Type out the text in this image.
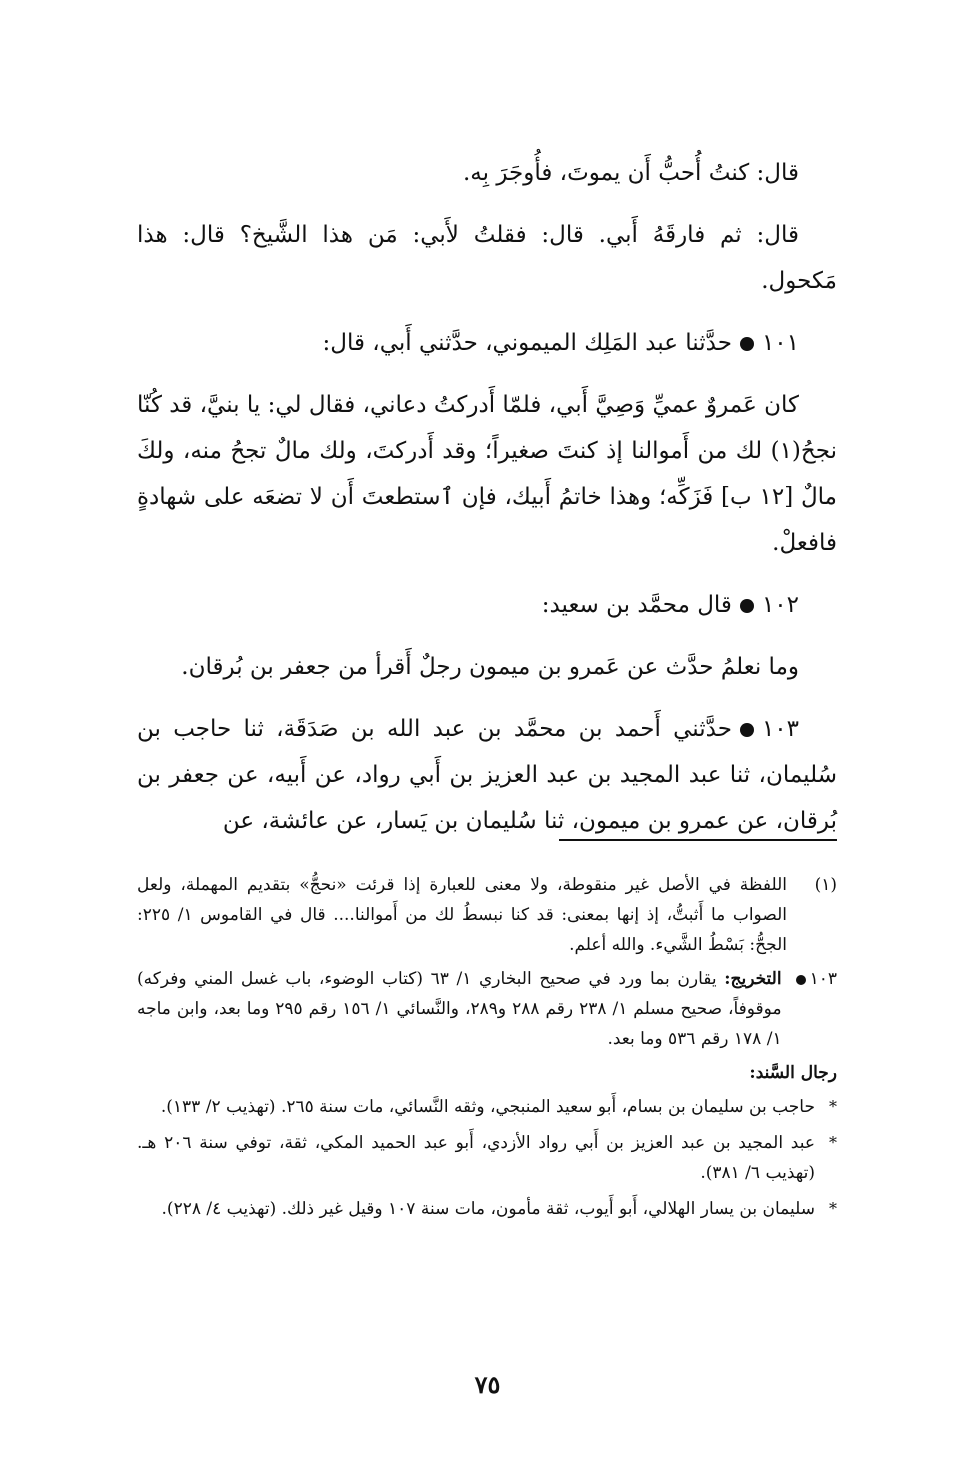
قال: كنتُ أُحبُّ أَن يموتَ، فأُوجَرَ بِه.

قال: ثم فارقَهُ أَبي. قال: فقلتُ لأَبي: مَن هذا الشَّيخ؟ قال: هذا مَكحول.

١٠١حدَّثنا عبد المَلِك الميموني، حدَّثني أَبي، قال:

كان عَمروٌ عميِّ وَصِيَّ أَبي، فلمّا أَدركتُ دعاني، فقال لي: يا بنيَّ، قد كُنّا نجحُ(١) لك من أَموالنا إذ كنتَ صغيراً؛ وقد أَدركتَ، ولك مالٌ تجحُ منه، ولكَ مالٌ [١٢ ب] فَزَكِّه؛ وهذا خاتمُ أَبيك، فإن ٱستطعتَ أَن لا تضعَه على شهادةٍ فافعلْ.

١٠٢قال محمَّد بن سعيد:

وما نعلمُ حدَّث عن عَمرو بن ميمون رجلٌ أَقرأ من جعفر بن بُرقان.

١٠٣حدَّثني أَحمد بن محمَّد بن عبد الله بن صَدَقَة، ثنا حاجب بن سُليمان، ثنا عبد المجيد بن عبد العزيز بن أَبي رواد، عن أَبيه، عن جعفر بن بُرقان، عن عمرو بن ميمون، ثنا سُليمان بن يَسار، عن عائشة، عن

(١)
اللفظة في الأصل غير منقوطة، ولا معنى للعبارة إذا قرئت «نحجُّ» بتقديم المهملة، ولعل الصواب ما أَثبتُّ، إذ إنها بمعنى: قد كنا نبسطُ لك من أَموالنا.... قال في القاموس ١/ ٢٢٥: الجحُّ: بَسْطُ الشَّيء. والله أعلم.
١٠٣
التخريج: يقارن بما ورد في صحيح البخاري ١/ ٦٣ (كتاب الوضوء، باب غسل المني وفركه) موقوفاً، صحيح مسلم ١/ ٢٣٨ رقم ٢٨٨ و٢٨٩، والنَّسائي ١/ ١٥٦ رقم ٢٩٥ وما بعد، وابن ماجه ١/ ١٧٨ رقم ٥٣٦ وما بعد.
رجال السَّند:
*
حاجب بن سليمان بن بسام، أَبو سعيد المنبجي، وثقه النَّسائي، مات سنة ٢٦٥. (تهذيب ٢/ ١٣٣).
*
عبد المجيد بن عبد العزيز بن أَبي رواد الأزدي، أَبو عبد الحميد المكي، ثقة، توفي سنة ٢٠٦ هـ. (تهذيب ٦/ ٣٨١).
*
سليمان بن يسار الهلالي، أَبو أَيوب، ثقة مأمون، مات سنة ١٠٧ وقيل غير ذلك. (تهذيب ٤/ ٢٢٨).
٧٥
